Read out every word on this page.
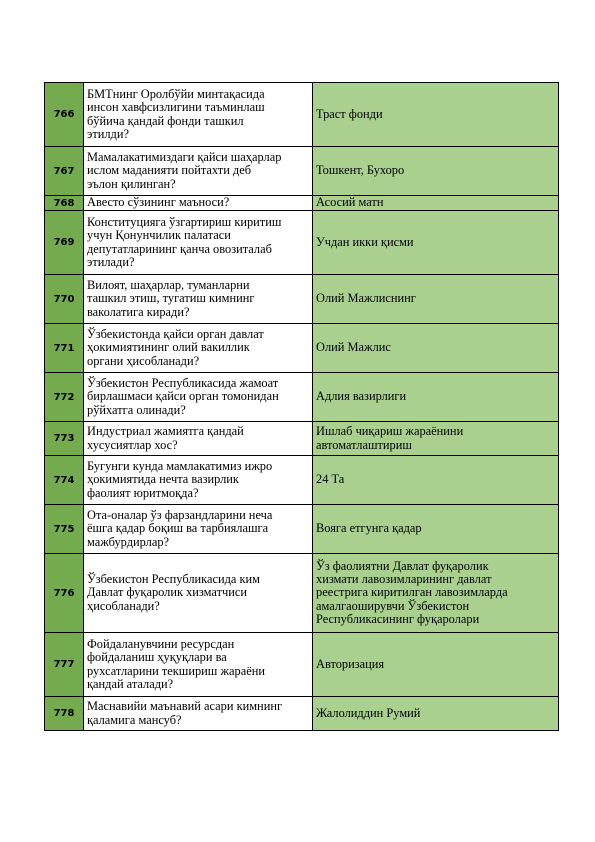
766	БМТнинг Оролбўйи минтақасида
инсон хавфсизлигини таъминлаш
бўйича қандай фонди ташкил
этилди?	Траст фонди
767	Мамалакатимиздаги қайси шаҳарлар
ислом маданияти пойтахти деб
эълон қилинган?	Тошкент, Бухоро
768	Авесто сўзининг маъноси?	Асосий матн
769	Конституцияга ўзгартириш киритиш
учун Қонунчилик палатаси
депутатларининг қанча овозиталаб
этилади?	Учдан икки қисми
770	Вилоят, шаҳарлар, туманларни
ташкил этиш, тугатиш кимнинг
ваколатига киради?	Олий Мажлиснинг
771	Ўзбекистонда қайси орган давлат
ҳокимиятининг олий вакиллик
органи ҳисобланади?	Олий Мажлис
772	Ўзбекистон Республикасида жамоат
бирлашмаси қайси орган томонидан
рўйхатга олинади?	Адлия вазирлиги
773	Индустриал жамиятга қандай
хусусиятлар хос?	Ишлаб чиқариш жараёнини
автоматлаштириш
774	Бугунги кунда мамлакатимиз ижро
ҳокимиятида нечта вазирлик
фаолият юритмоқда?	24 Та
775	Ота-оналар ўз фарзандларини неча
ёшга қадар боқиш ва тарбиялашга
мажбурдирлар?	Вояга етгунга қадар
776	Ўзбекистон Республикасида ким
Давлат фуқаролик хизматчиси
ҳисобланади?	Ўз фаолиятни Давлат фуқаролик
хизмати лавозимларининг давлат
реестрига киритилган лавозимларда
амалгаоширувчи Ўзбекистон
Республикасининг фуқаролари
777	Фойдаланувчини ресурсдан
фойдаланиш ҳуқуқлари ва
рухсатларини текшириш жараёни
қандай аталади?	Авторизация
778	Маснавийи маънавий асари кимнинг
қаламига мансуб?	Жалолиддин Румий
